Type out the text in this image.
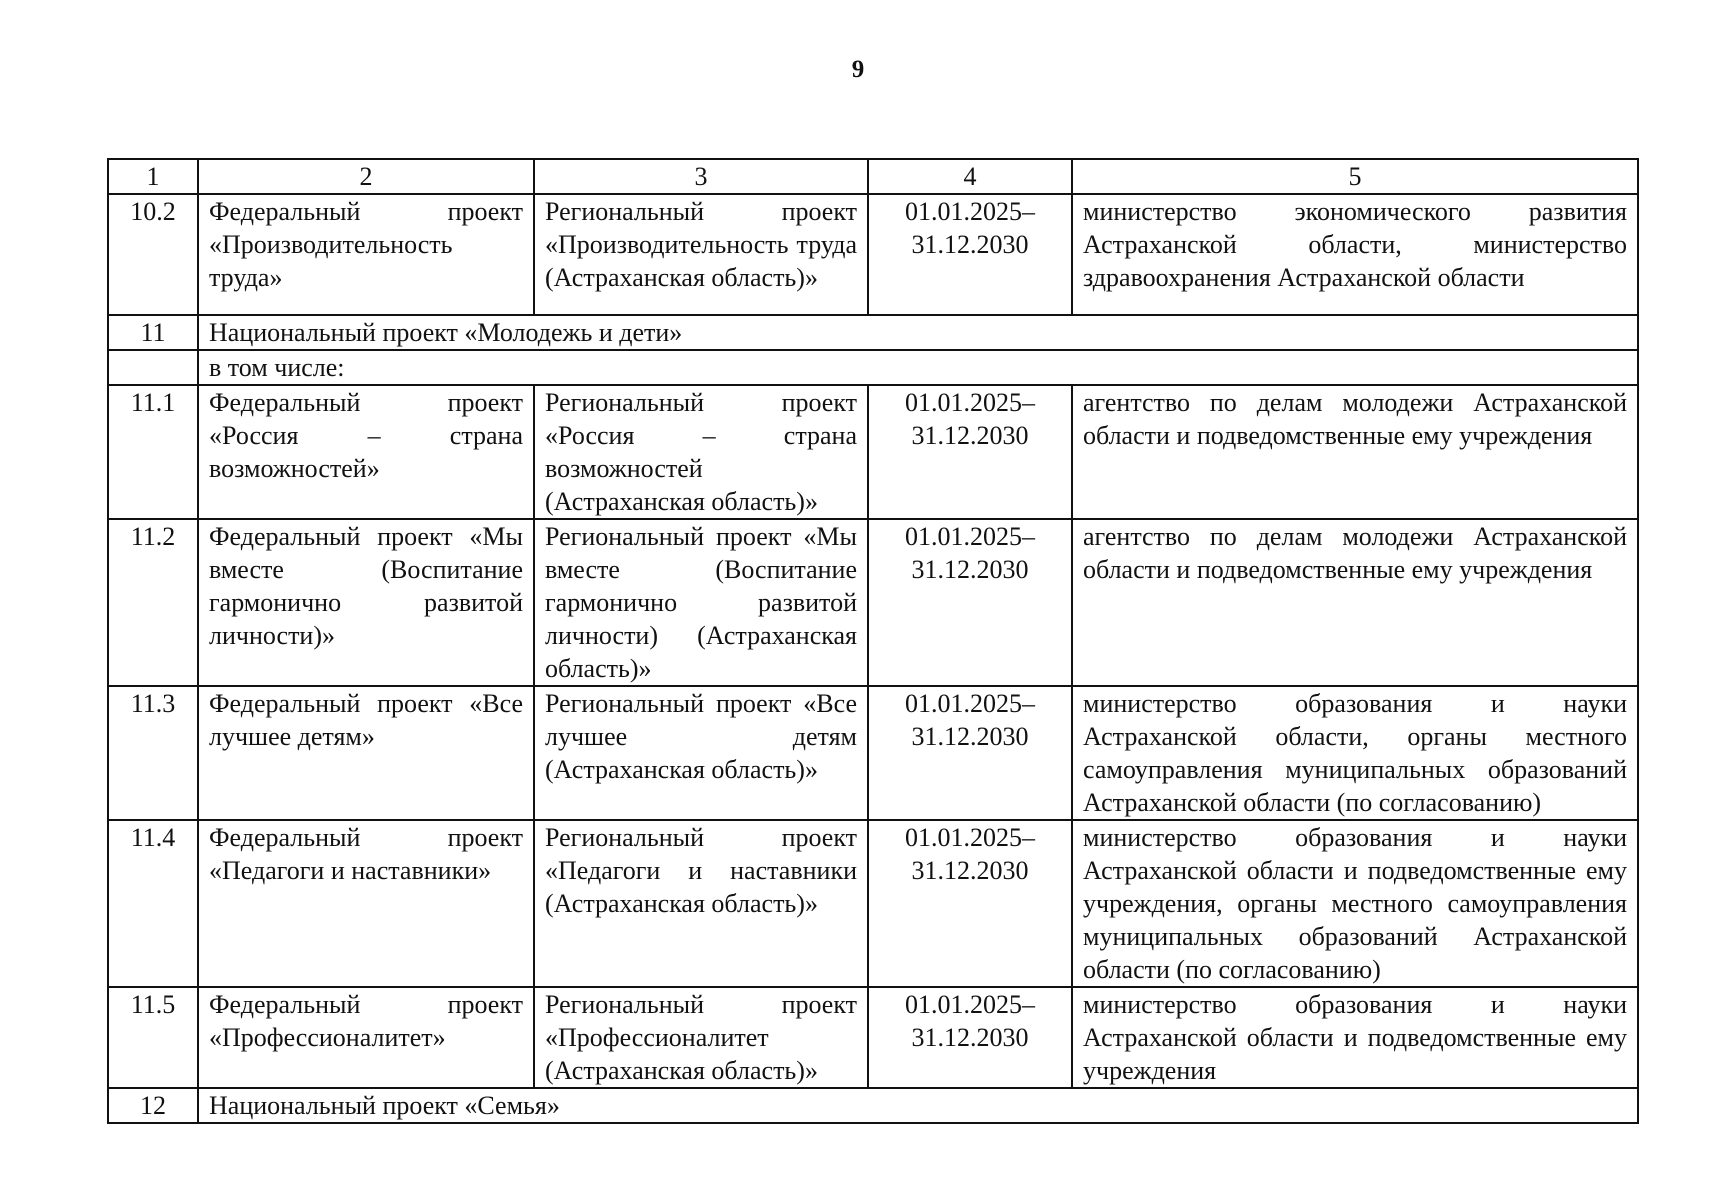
9
1	2	3	4	5
10.2	Федеральный проект «Производительность труда»	Региональный проект «Производительность труда (Астраханская область)»	01.01.2025–31.12.2030	министерство экономического развития Астраханской области, министерство здравоохранения Астраханской области
11	Национальный проект «Молодежь и дети»			
	в том числе:			
11.1	Федеральный проект «Россия – страна возможностей»	Региональный проект «Россия – страна возможностей (Астраханская область)»	01.01.2025–31.12.2030	агентство по делам молодежи Астраханской области и подведомственные ему учреждения
11.2	Федеральный проект «Мы вместе (Воспитание гармонично развитой личности)»	Региональный проект «Мы вместе (Воспитание гармонично развитой личности) (Астраханская область)»	01.01.2025–31.12.2030	агентство по делам молодежи Астраханской области и подведомственные ему учреждения
11.3	Федеральный проект «Все лучшее детям»	Региональный проект «Все лучшее детям (Астраханская область)»	01.01.2025–31.12.2030	министерство образования и науки Астраханской области, органы местного самоуправления муниципальных образований Астраханской области (по согласованию)
11.4	Федеральный проект «Педагоги и наставники»	Региональный проект «Педагоги и наставники (Астраханская область)»	01.01.2025–31.12.2030	министерство образования и науки Астраханской области и подведомственные ему учреждения, органы местного самоуправления муниципальных образований Астраханской области (по согласованию)
11.5	Федеральный проект «Профессионалитет»	Региональный проект «Профессионалитет (Астраханская область)»	01.01.2025–31.12.2030	министерство образования и науки Астраханской области и подведомственные ему учреждения
12	Национальный проект «Семья»			
